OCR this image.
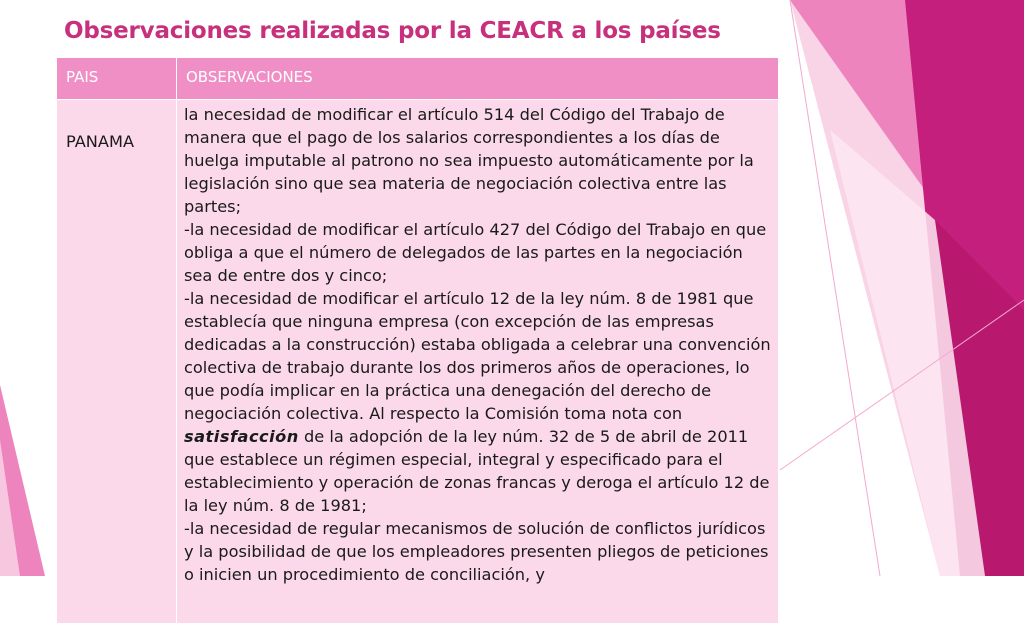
Observaciones realizadas por la CEACR a los países
PAIS	OBSERVACIONES
PANAMA	la necesidad de modificar el artículo 514 del Código del Trabajo de manera que el pago de los salarios correspondientes a los días de huelga imputable al patrono no sea impuesto automáticamente por la legislación sino que sea materia de negociación colectiva entre las partes;

-la necesidad de modificar el artículo 427 del Código del Trabajo en que obliga a que el número de delegados de las partes en la negociación sea de entre dos y cinco;

-la necesidad de modificar el artículo 12 de la ley núm. 8 de 1981 que establecía que ninguna empresa (con excepción de las empresas dedicadas a la construcción) estaba obligada a celebrar una convención colectiva de trabajo durante los dos primeros años de operaciones, lo que podía implicar en la práctica una denegación del derecho de negociación colectiva. Al respecto la Comisión toma nota con satisfacción de la adopción de la ley núm. 32 de 5 de abril de 2011 que establece un régimen especial, integral y especificado para el establecimiento y operación de zonas francas y deroga el artículo 12 de la ley núm. 8 de 1981;

-la necesidad de regular mecanismos de solución de conflictos jurídicos y la posibilidad de que los empleadores presenten pliegos de peticiones o inicien un procedimiento de conciliación, y
